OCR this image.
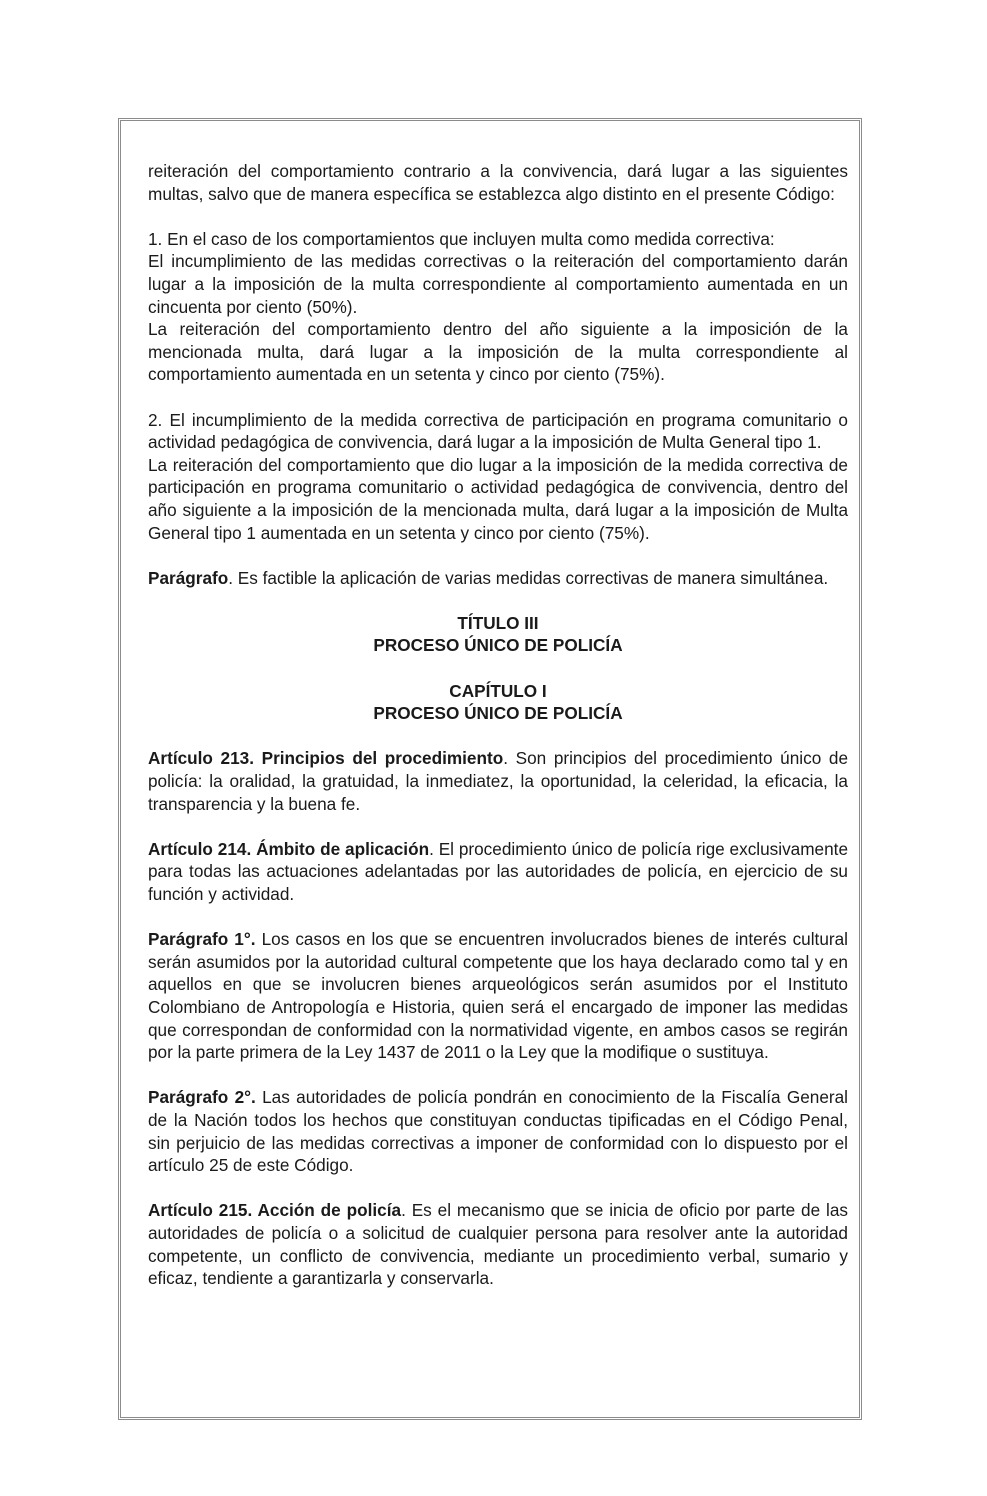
reiteración del comportamiento contrario a la convivencia, dará lugar a las siguientes multas, salvo que de manera específica se establezca algo distinto en el presente Código:

1. En el caso de los comportamientos que incluyen multa como medida correctiva:

El incumplimiento de las medidas correctivas o la reiteración del comportamiento darán lugar a la imposición de la multa correspondiente al comportamiento aumentada en un cincuenta por ciento (50%).

La reiteración del comportamiento dentro del año siguiente a la imposición de la mencionada multa, dará lugar a la imposición de la multa correspondiente al comportamiento aumentada en un setenta y cinco por ciento (75%).

2. El incumplimiento de la medida correctiva de participación en programa comunitario o actividad pedagógica de convivencia, dará lugar a la imposición de Multa General tipo 1.

La reiteración del comportamiento que dio lugar a la imposición de la medida correctiva de participación en programa comunitario o actividad pedagógica de convivencia, dentro del año siguiente a la imposición de la mencionada multa, dará lugar a la imposición de Multa General tipo 1 aumentada en un setenta y cinco por ciento (75%).

Parágrafo. Es factible la aplicación de varias medidas correctivas de manera simultánea.

TÍTULO III
PROCESO ÚNICO DE POLICÍA
CAPÍTULO I
PROCESO ÚNICO DE POLICÍA

Artículo 213. Principios del procedimiento. Son principios del procedimiento único de policía: la oralidad, la gratuidad, la inmediatez, la oportunidad, la celeridad, la eficacia, la transparencia y la buena fe.

Artículo 214. Ámbito de aplicación. El procedimiento único de policía rige exclusivamente para todas las actuaciones adelantadas por las autoridades de policía, en ejercicio de su función y actividad.

Parágrafo 1°. Los casos en los que se encuentren involucrados bienes de interés cultural serán asumidos por la autoridad cultural competente que los haya declarado como tal y en aquellos en que se involucren bienes arqueológicos serán asumidos por el Instituto Colombiano de Antropología e Historia, quien será el encargado de imponer las medidas que correspondan de conformidad con la normatividad vigente, en ambos casos se regirán por la parte primera de la Ley 1437 de 2011 o la Ley que la modifique o sustituya.

Parágrafo 2°. Las autoridades de policía pondrán en conocimiento de la Fiscalía General de la Nación todos los hechos que constituyan conductas tipificadas en el Código Penal, sin perjuicio de las medidas correctivas a imponer de conformidad con lo dispuesto por el artículo 25 de este Código.

Artículo 215. Acción de policía. Es el mecanismo que se inicia de oficio por parte de las autoridades de policía o a solicitud de cualquier persona para resolver ante la autoridad competente, un conflicto de convivencia, mediante un procedimiento verbal, sumario y eficaz, tendiente a garantizarla y conservarla.
